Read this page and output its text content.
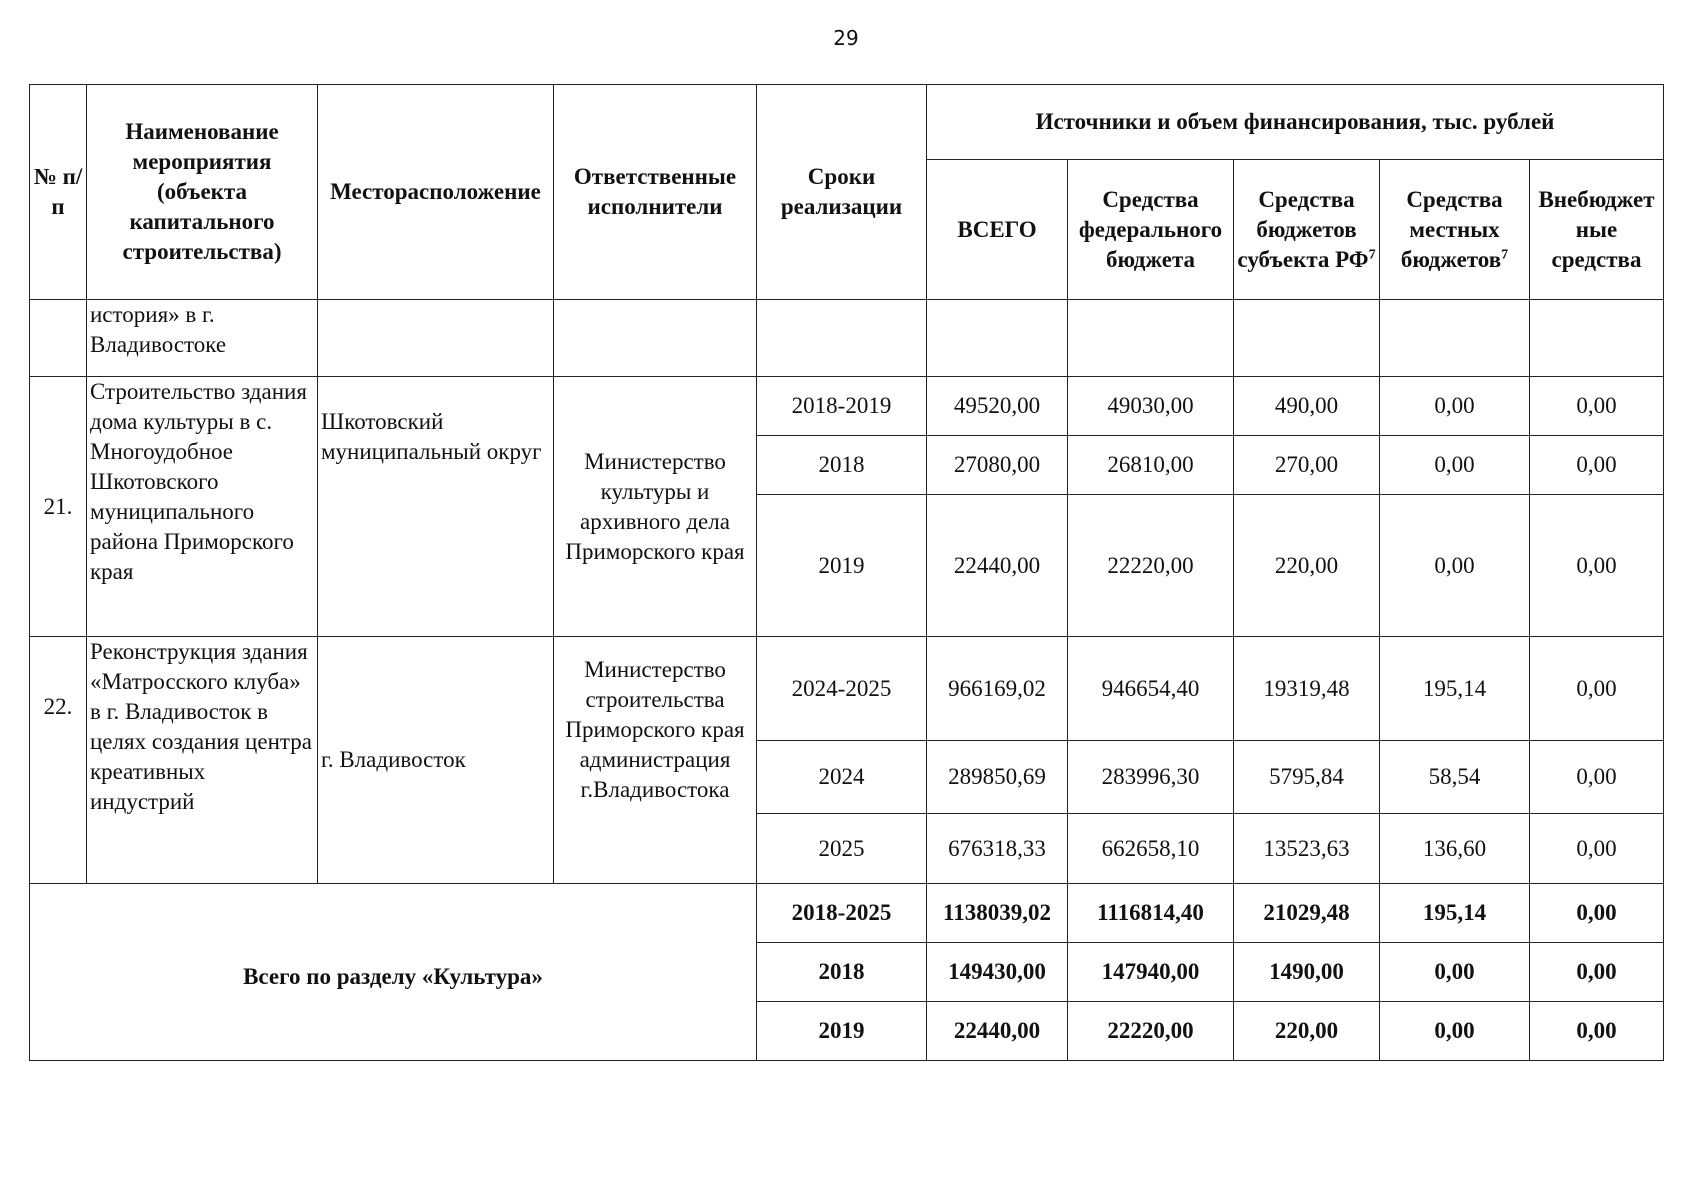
29
№ п/п	Наименование мероприятия (объекта капитального строительства)	Месторасположение	Ответственные исполнители	Сроки реализации	Источники и объем финансирования, тыс. рублей				
					ВСЕГО	Средства федерального бюджета	Средства бюджетов субъекта $РФ^7$	Средства местных бюджетов$^7$	Внебюджет ные средства
	история» в г. Владивостоке								
21.	Строительство здания дома культуры в с. Многоудобное Шкотовского муниципального района Приморского края	Шкотовский муниципальный округ	Министерство культуры и архивного дела Приморского края	2018-2019	49520,00	49030,00	490,00	0,00	0,00
				2018	27080,00	26810,00	270,00	0,00	0,00
				2019	22440,00	22220,00	220,00	0,00	0,00
22.	Реконструкция здания «Матросского клуба» в г. Владивосток в целях создания центра креативных индустрий	г. Владивосток	Министерство строительства Приморского края администрация г.Владивостока	2024-2025	966169,02	946654,40	19319,48	195,14	0,00
				2024	289850,69	283996,30	5795,84	58,54	0,00
				2025	676318,33	662658,10	13523,63	136,60	0,00
Всего по разделу «Культура»				2018-2025	1138039,02	1116814,40	21029,48	195,14	0,00
				2018	149430,00	147940,00	1490,00	0,00	0,00
				2019	22440,00	22220,00	220,00	0,00	0,00
